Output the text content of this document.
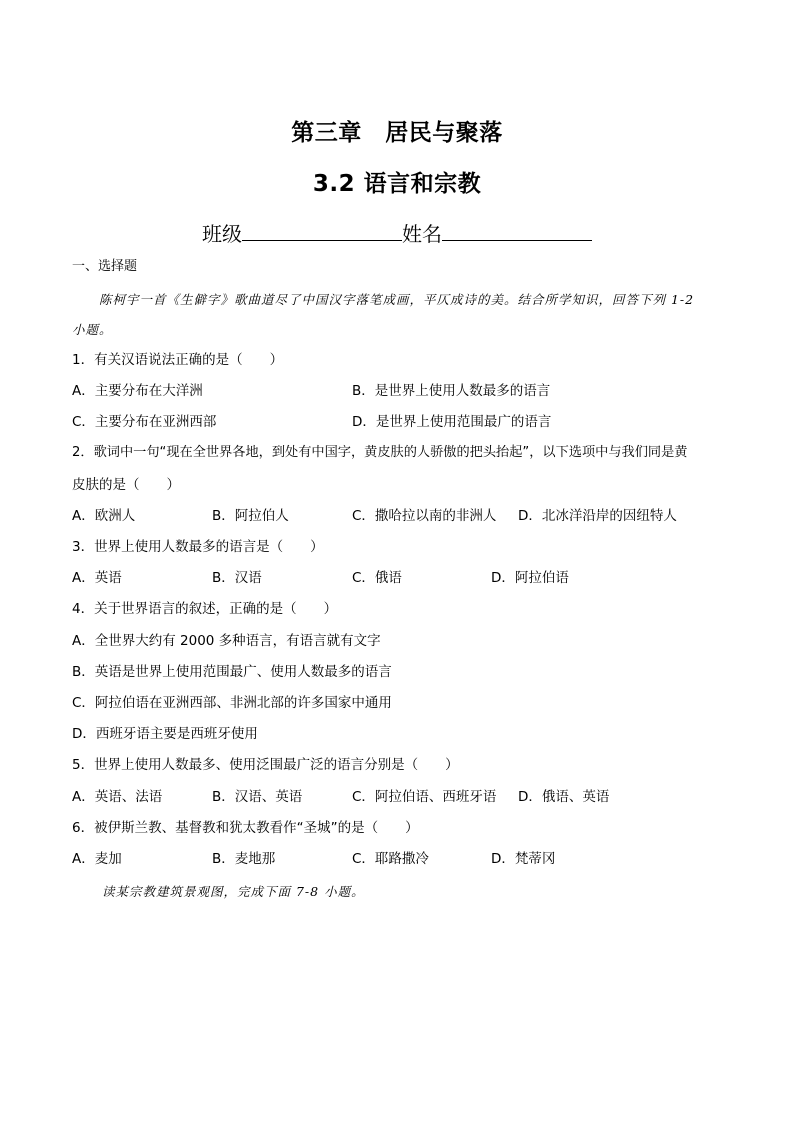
第三章　居民与聚落
3.2 语言和宗教
班级	姓名
一、选择题
陈柯宇一首《生僻字》歌曲道尽了中国汉字落笔成画，平仄成诗的美。结合所学知识，回答下列 1-2
小题。
1．有关汉语说法正确的是（　　）
A．主要分布在大洋洲	B．是世界上使用人数最多的语言
C．主要分布在亚洲西部	D．是世界上使用范围最广的语言
2．歌词中一句“现在全世界各地，到处有中国字，黄皮肤的人骄傲的把头抬起”，以下选项中与我们同是黄
皮肤的是（　　）
A．欧洲人	B．阿拉伯人	C．撒哈拉以南的非洲人 D．北冰洋沿岸的因纽特人
3．世界上使用人数最多的语言是（　　）
A．英语	B．汉语	C．俄语	D．阿拉伯语
4．关于世界语言的叙述，正确的是（　　）
A．全世界大约有 2000 多种语言，有语言就有文字
B．英语是世界上使用范围最广、使用人数最多的语言
C．阿拉伯语在亚洲西部、非洲北部的许多国家中通用
D．西班牙语主要是西班牙使用
5．世界上使用人数最多、使用泛围最广泛的语言分别是（　　）
A．英语、法语	B．汉语、英语	C．阿拉伯语、西班牙语 D．俄语、英语
6．被伊斯兰教、基督教和犹太教看作“圣城”的是（　　）
A．麦加	B．麦地那	C．耶路撒冷	D．梵蒂冈
读某宗教建筑景观图，完成下面 7-8 小题。
